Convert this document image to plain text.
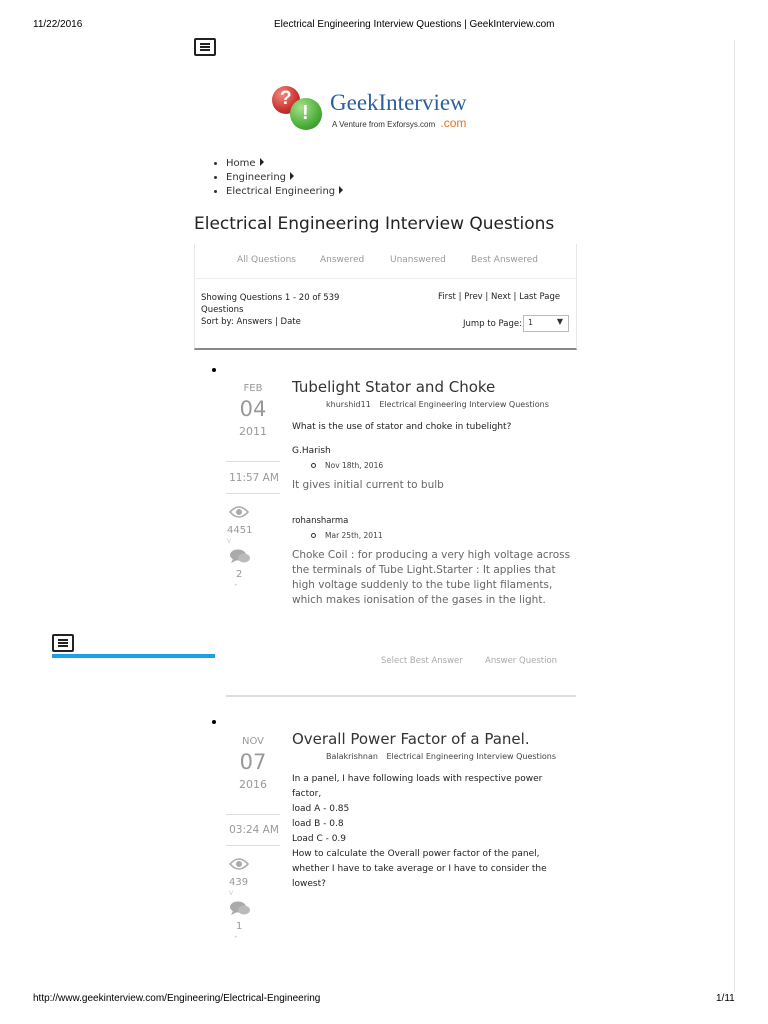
11/22/2016	Electrical Engineering Interview Questions | GeekInterview.com
?
! GeekInterview
A Venture from Exforsys.com .com
• Home
• Engineering
• Electrical Engineering
Electrical Engineering Interview Questions
All Questions	Answered	Unanswered	Best Answered
Showing Questions 1 - 20 of 539
Questions
Sort by: Answers | Date
First | Prev | Next | Last Page
Jump to Page: 1	▼
FEB
04
2011
11:57 AM
4451
V
2
•
Tubelight Stator and Choke
khurshid11 Electrical Engineering Interview Questions
What is the use of stator and choke in tubelight?
G.Harish
Nov 18th, 2016
It gives initial current to bulb
rohansharma
Mar 25th, 2011
Choke Coil : for producing a very high voltage across the terminals of Tube Light.Starter : It applies that high voltage suddenly to the tube light filaments, which makes ionisation of the gases in the light.
Select Best Answer	Answer Question
NOV
07
2016
03:24 AM
439
V
1
•
Overall Power Factor of a Panel.
Balakrishnan Electrical Engineering Interview Questions
In a panel, I have following loads with respective power factor,
load A - 0.85
load B - 0.8
Load C - 0.9
How to calculate the Overall power factor of the panel, whether I have to take average or I have to consider the lowest?
http://www.geekinterview.com/Engineering/Electrical-Engineering	1/11
